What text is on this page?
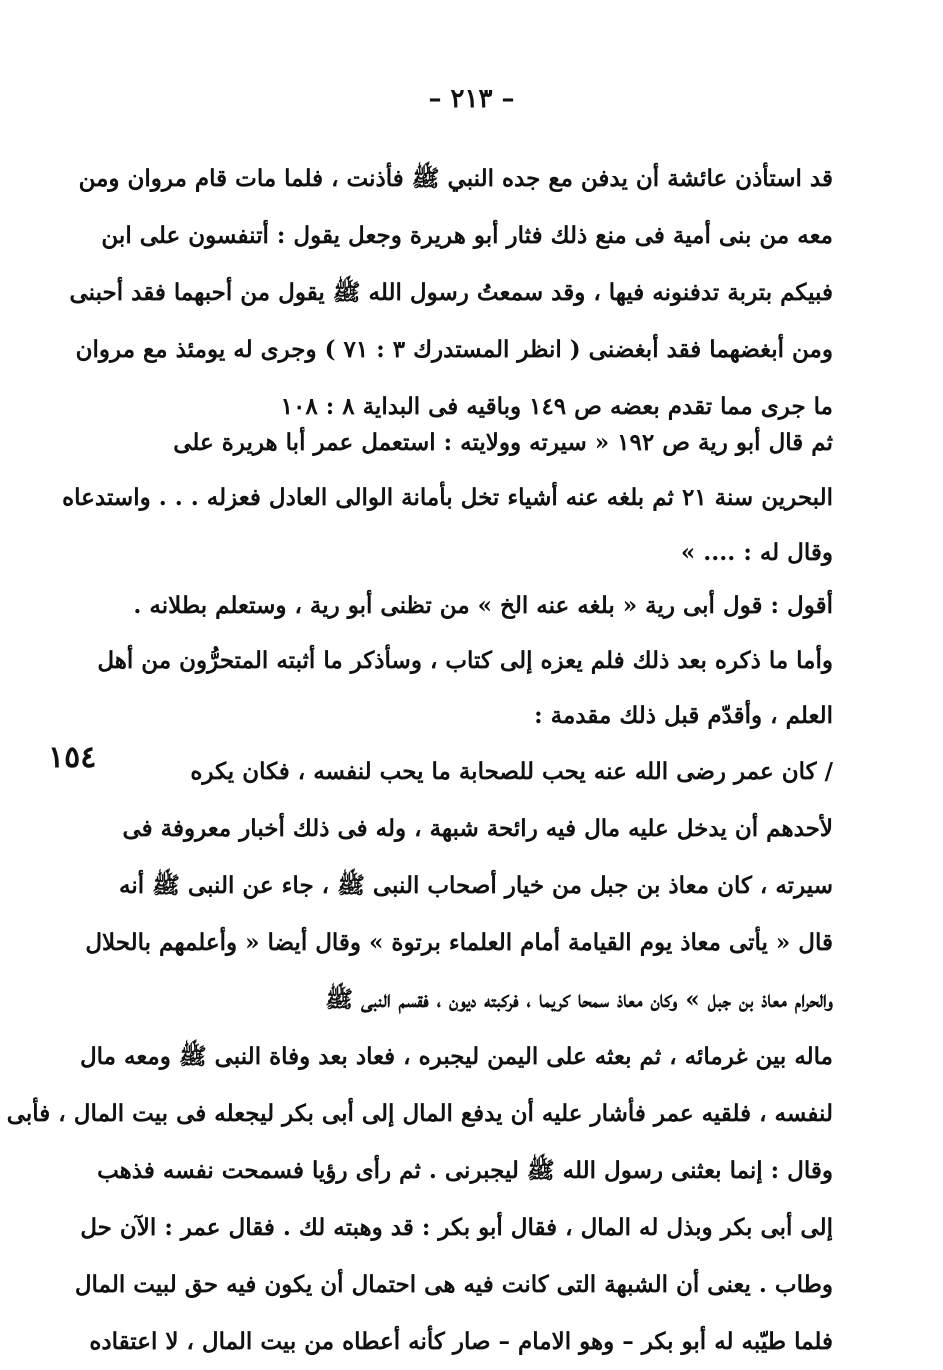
– ٢١٣ –
١٥٤
قد استأذن عائشة أن يدفن مع جده النبي ﷺ فأذنت ، فلما مات قام مروان ومن
معه من بنى أمية فى منع ذلك فثار أبو هريرة وجعل يقول : أتنفسون على ابن
فبيكم بتربة تدفنونه فيها ، وقد سمعتُ رسول الله ﷺ يقول من أحبهما فقد أحبنى
ومن أبغضهما فقد أبغضنى ( انظر المستدرك ٣ : ٧١ ) وجرى له يومئذ مع مروان
ما جرى مما تقدم بعضه ص ١٤٩ وباقيه فى البداية ٨ : ١٠٨
ثم قال أبو رية ص ١٩٢ « سيرته وولايته : استعمل عمر أبا هريرة على
البحرين سنة ٢١ ثم بلغه عنه أشياء تخل بأمانة الوالى العادل فعزله . . . واستدعاه
وقال له : .... »
أقول : قول أبى رية « بلغه عنه الخ » من تظنى أبو رية ، وستعلم بطلانه .
وأما ما ذكره بعد ذلك فلم يعزه إلى كتاب ، وسأذكر ما أثبته المتحرُّون من أهل
العلم ، وأقدّم قبل ذلك مقدمة :
/ كان عمر رضى الله عنه يحب للصحابة ما يحب لنفسه ، فكان يكره
لأحدهم أن يدخل عليه مال فيه رائحة شبهة ، وله فى ذلك أخبار معروفة فى
سيرته ، كان معاذ بن جبل من خيار أصحاب النبى ﷺ ، جاء عن النبى ﷺ أنه
قال « يأتى معاذ يوم القيامة أمام العلماء برتوة » وقال أيضا « وأعلمهم بالحلال
والحرام معاذ بن جبل » وكان معاذ سمحا كريما ، فركبته ديون ، فقسم النبى ﷺ
ماله بين غرمائه ، ثم بعثه على اليمن ليجبره ، فعاد بعد وفاة النبى ﷺ ومعه مال
لنفسه ، فلقيه عمر فأشار عليه أن يدفع المال إلى أبى بكر ليجعله فى بيت المال ، فأبى
وقال : إنما بعثنى رسول الله ﷺ ليجبرنى . ثم رأى رؤيا فسمحت نفسه فذهب
إلى أبى بكر وبذل له المال ، فقال أبو بكر : قد وهبته لك . فقال عمر : الآن حل
وطاب . يعنى أن الشبهة التى كانت فيه هى احتمال أن يكون فيه حق لبيت المال
فلما طيّبه له أبو بكر – وهو الامام – صار كأنه أعطاه من بيت المال ، لا اعتقاده
